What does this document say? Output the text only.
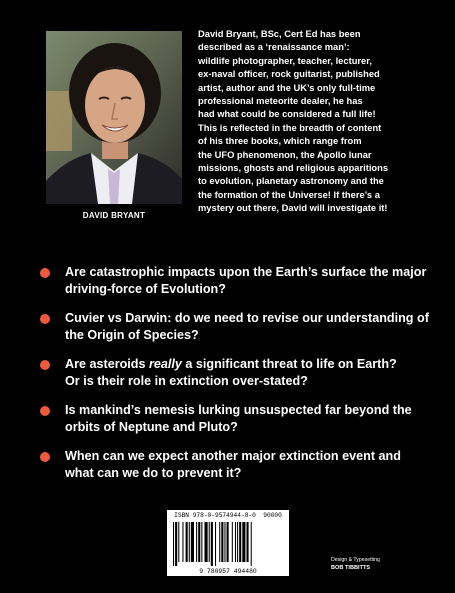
DAVID BRYANT
David Bryant, BSc, Cert Ed has been
described as a ‘renaissance man’:
wildlife photographer, teacher, lecturer,
ex-naval officer, rock guitarist, published
artist, author and the UK’s only full-time
professional meteorite dealer, he has
had what could be considered a full life!
This is reflected in the breadth of content
of his three books, which range from
the UFO phenomenon, the Apollo lunar
missions, ghosts and religious apparitions
to evolution, planetary astronomy and the
the formation of the Universe! If there’s a
mystery out there, David will investigate it!
Are catastrophic impacts upon the Earth’s surface the major
driving-force of Evolution?
Cuvier vs Darwin: do we need to revise our understanding of
the Origin of Species?
Are asteroids really a significant threat to life on Earth?
Or is their role in extinction over-stated?
Is mankind’s nemesis lurking unsuspected far beyond the
orbits of Neptune and Pluto?
When can we expect another major extinction event and
what can we do to prevent it?
ISBN 978-0-9574944-8-0 90000
9 780957 494480
Design & Typesetting
BOB TIBBITTS
